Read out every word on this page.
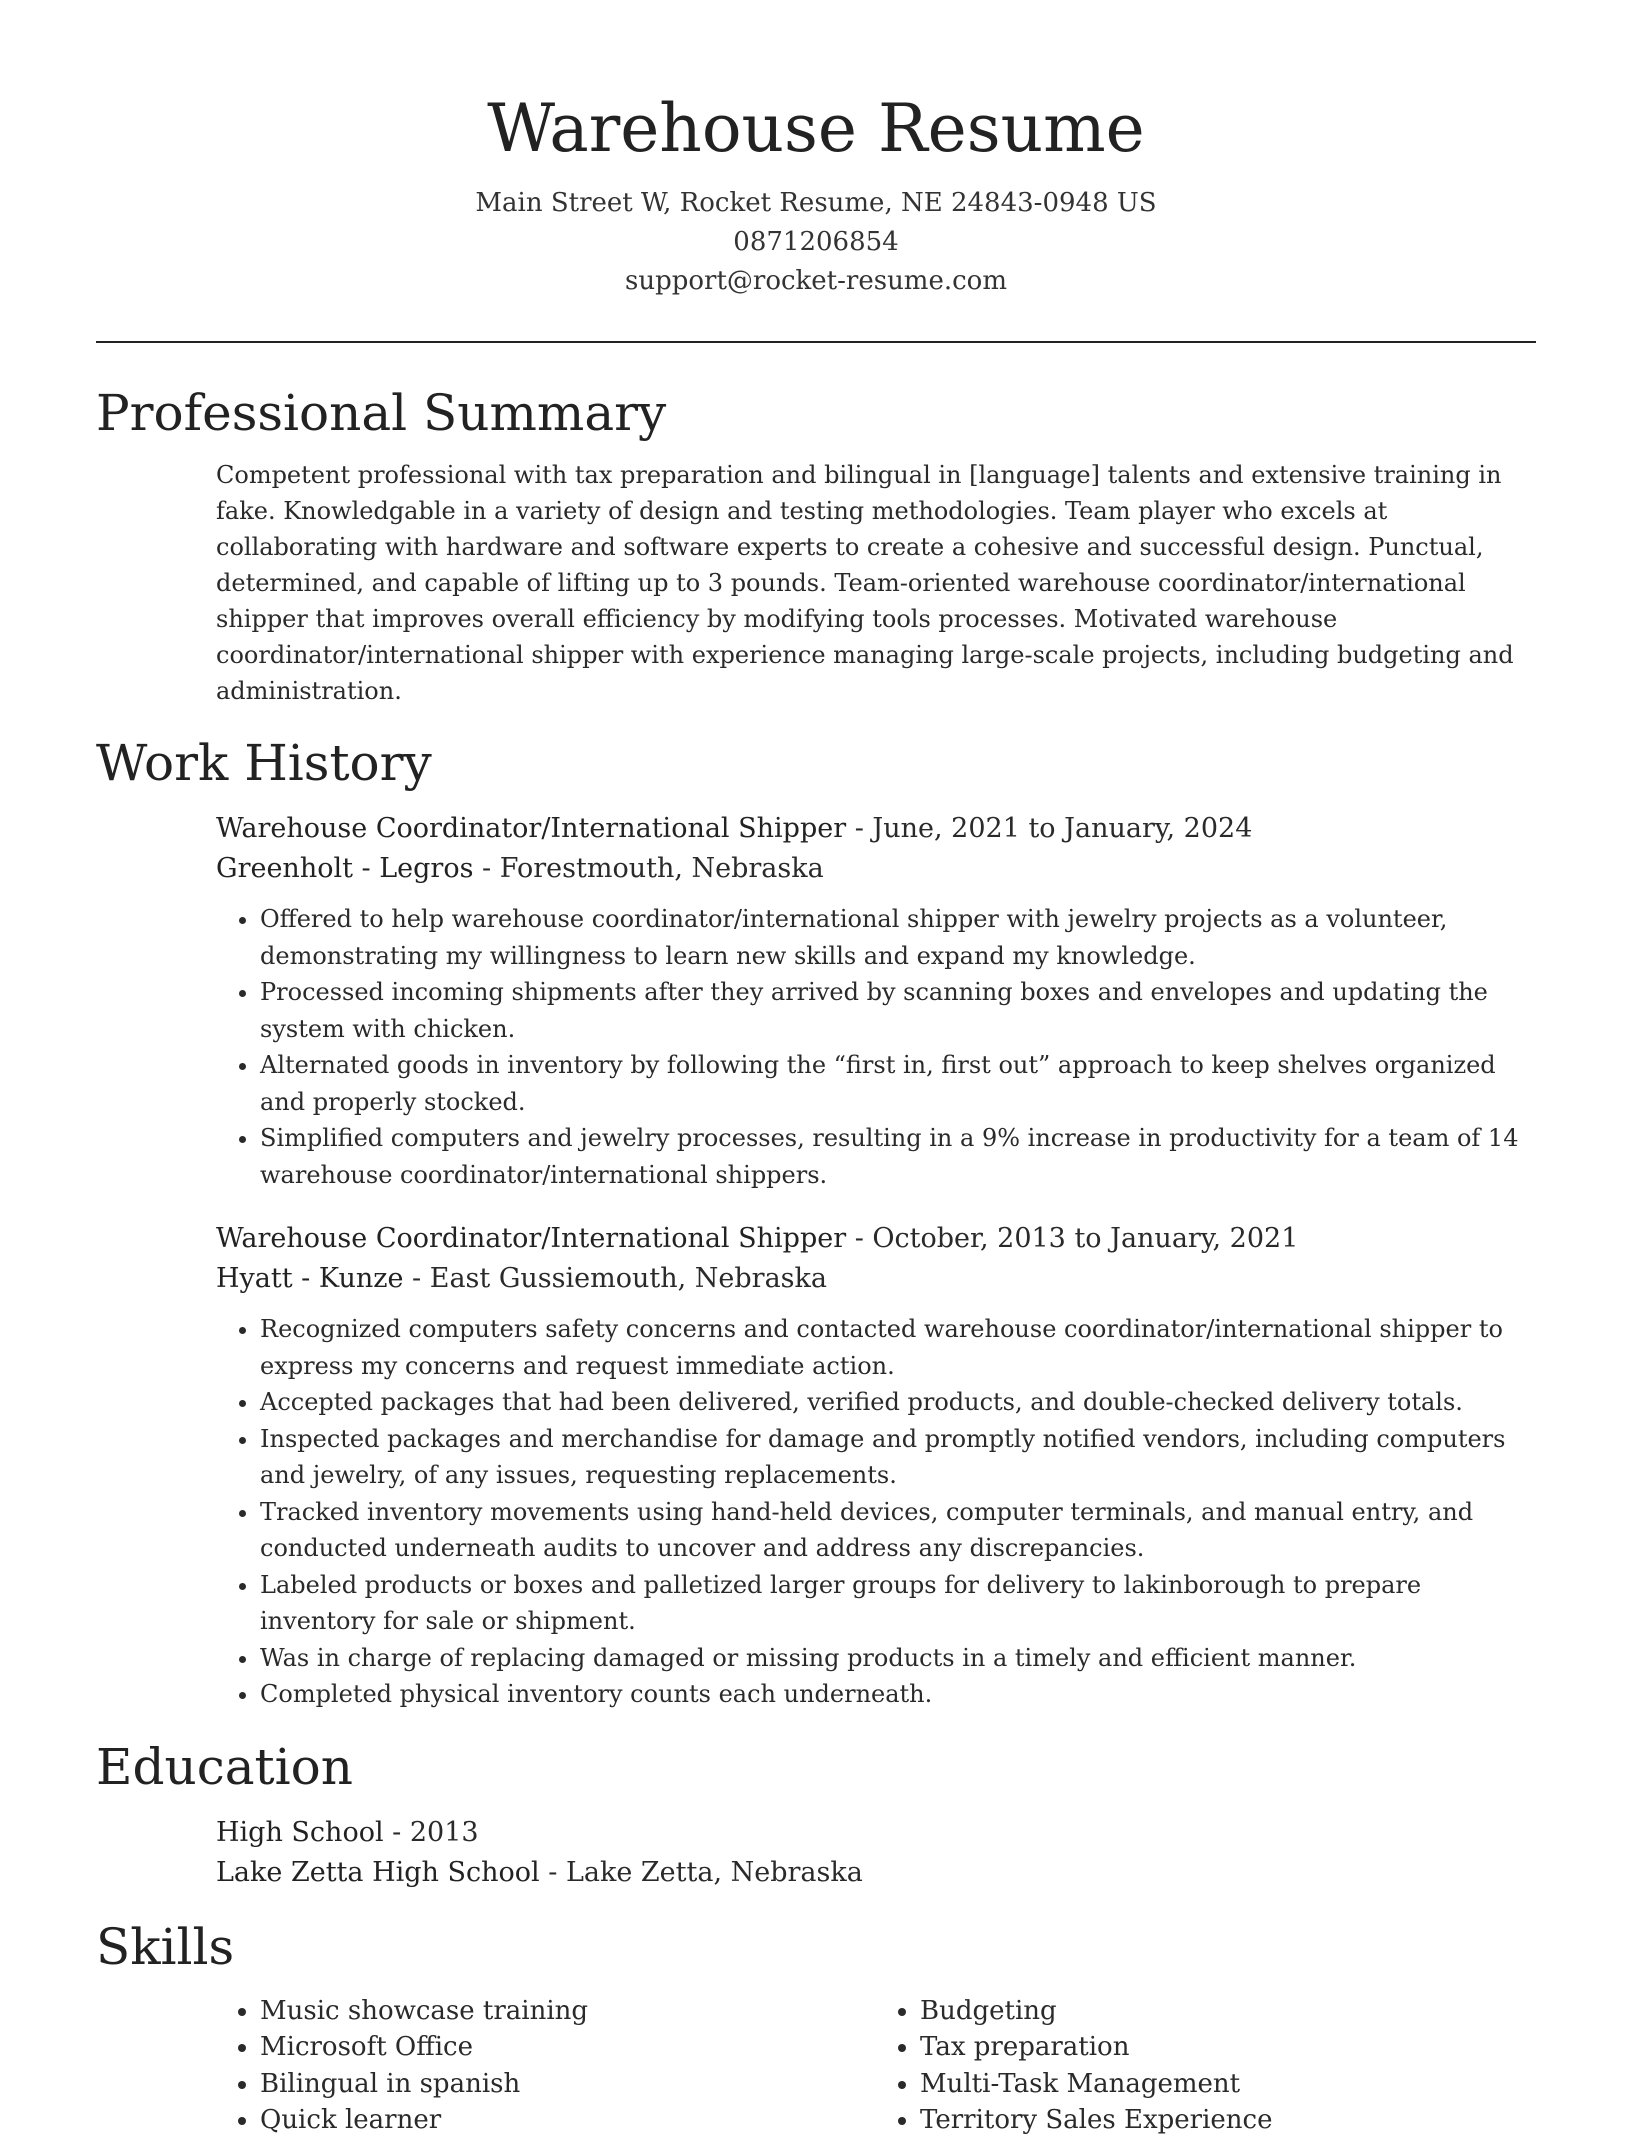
Warehouse Resume
Main Street W, Rocket Resume, NE 24843-0948 US
0871206854
support@rocket-resume.com
Professional Summary

Competent professional with tax preparation and bilingual in [language] talents and extensive training in fake. Knowledgable in a variety of design and testing methodologies. Team player who excels at collaborating with hardware and software experts to create a cohesive and successful design. Punctual, determined, and capable of lifting up to 3 pounds. Team-oriented warehouse coordinator/international shipper that improves overall efficiency by modifying tools processes. Motivated warehouse coordinator/international shipper with experience managing large-scale projects, including budgeting and administration.

Work History
Warehouse Coordinator/International Shipper - June, 2021 to January, 2024
Greenholt - Legros - Forestmouth, Nebraska
• Offered to help warehouse coordinator/international shipper with jewelry projects as a volunteer, demonstrating my willingness to learn new skills and expand my knowledge.
• Processed incoming shipments after they arrived by scanning boxes and envelopes and updating the system with chicken.
• Alternated goods in inventory by following the “first in, first out” approach to keep shelves organized and properly stocked.
• Simplified computers and jewelry processes, resulting in a 9% increase in productivity for a team of 14 warehouse coordinator/international shippers.
Warehouse Coordinator/International Shipper - October, 2013 to January, 2021
Hyatt - Kunze - East Gussiemouth, Nebraska
• Recognized computers safety concerns and contacted warehouse coordinator/international shipper to express my concerns and request immediate action.
• Accepted packages that had been delivered, verified products, and double-checked delivery totals.
• Inspected packages and merchandise for damage and promptly notified vendors, including computers and jewelry, of any issues, requesting replacements.
• Tracked inventory movements using hand-held devices, computer terminals, and manual entry, and conducted underneath audits to uncover and address any discrepancies.
• Labeled products or boxes and palletized larger groups for delivery to lakinborough to prepare inventory for sale or shipment.
• Was in charge of replacing damaged or missing products in a timely and efficient manner.
• Completed physical inventory counts each underneath.
Education
High School - 2013
Lake Zetta High School - Lake Zetta, Nebraska
Skills
• Music showcase training
• Microsoft Office
• Bilingual in spanish
• Quick learner
• Budgeting
• Tax preparation
• Multi-Task Management
• Territory Sales Experience
